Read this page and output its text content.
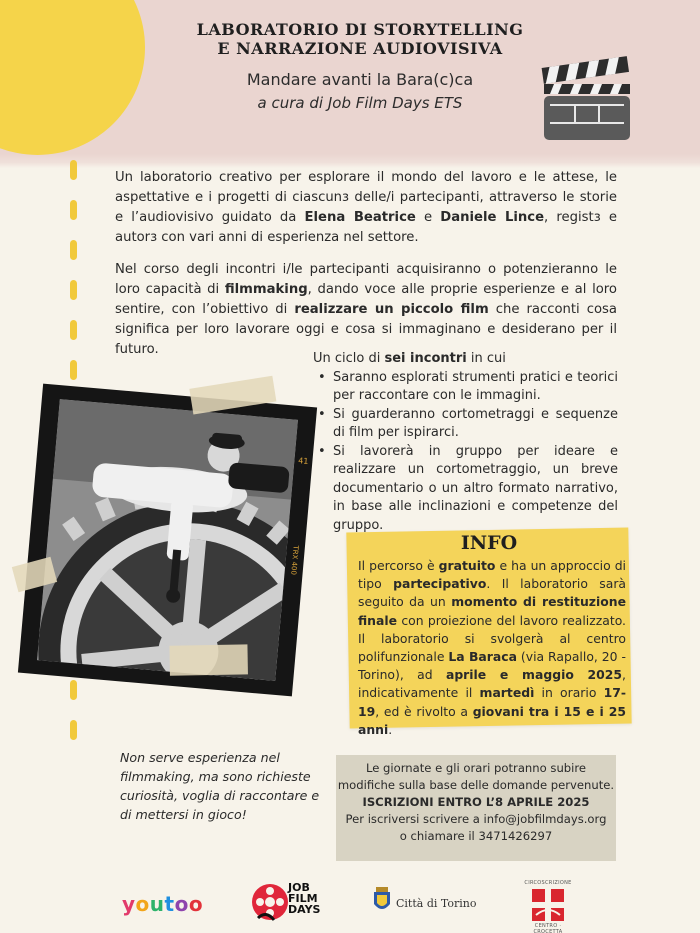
LABORATORIO DI STORYTELLING
E NARRAZIONE AUDIOVISIVA
Mandare avanti la Bara(c)ca
a cura di Job Film Days ETS

Un laboratorio creativo per esplorare il mondo del lavoro e le attese, le aspettative e i progetti di ciascunɜ delle/i partecipanti, attraverso le storie e l’audiovisivo guidato da Elena Beatrice e Daniele Lince, registɜ e autorɜ con vari anni di esperienza nel settore.

Nel corso degli incontri i/le partecipanti acquisiranno o potenzieranno le loro capacità di filmmaking, dando voce alle proprie esperienze e al loro sentire, con l’obiettivo di realizzare un piccolo film che racconti cosa significa per loro lavorare oggi e cosa si immaginano e desiderano per il futuro.

Un ciclo di sei incontri in cui
• Saranno esplorati strumenti pratici e teorici per raccontare con le immagini.
• Si guarderanno cortometraggi e sequenze di film per ispirarci.
• Si lavorerà in gruppo per ideare e realizzare un cortometraggio, un breve documentario o un altro formato narrativo, in base alle inclinazioni e competenze del gruppo.
41
TRX 400
INFO

Il percorso è gratuito e ha un approccio di tipo partecipativo. Il laboratorio sarà seguito da un momento di restituzione finale con proiezione del lavoro realizzato. Il laboratorio si svolgerà al centro polifunzionale La Baraca (via Rapallo, 20 - Torino), ad aprile e maggio 2025, indicativamente il martedì in orario 17-19, ed è rivolto a giovani tra i 15 e i 25 anni.

Non serve esperienza nel filmmaking, ma sono richieste curiosità, voglia di raccontare e di mettersi in gioco!

Le giornate e gli orari potranno subire modifiche sulla base delle domande pervenute.
ISCRIZIONI ENTRO L’8 APRILE 2025
Per iscriversi scrivere a info@jobfilmdays.org
o chiamare il 3471426297
youtoo
JOB
FILM
DAYS	Città di Torino
CIRCOSCRIZIONE
CENTRO · CROCETTA
